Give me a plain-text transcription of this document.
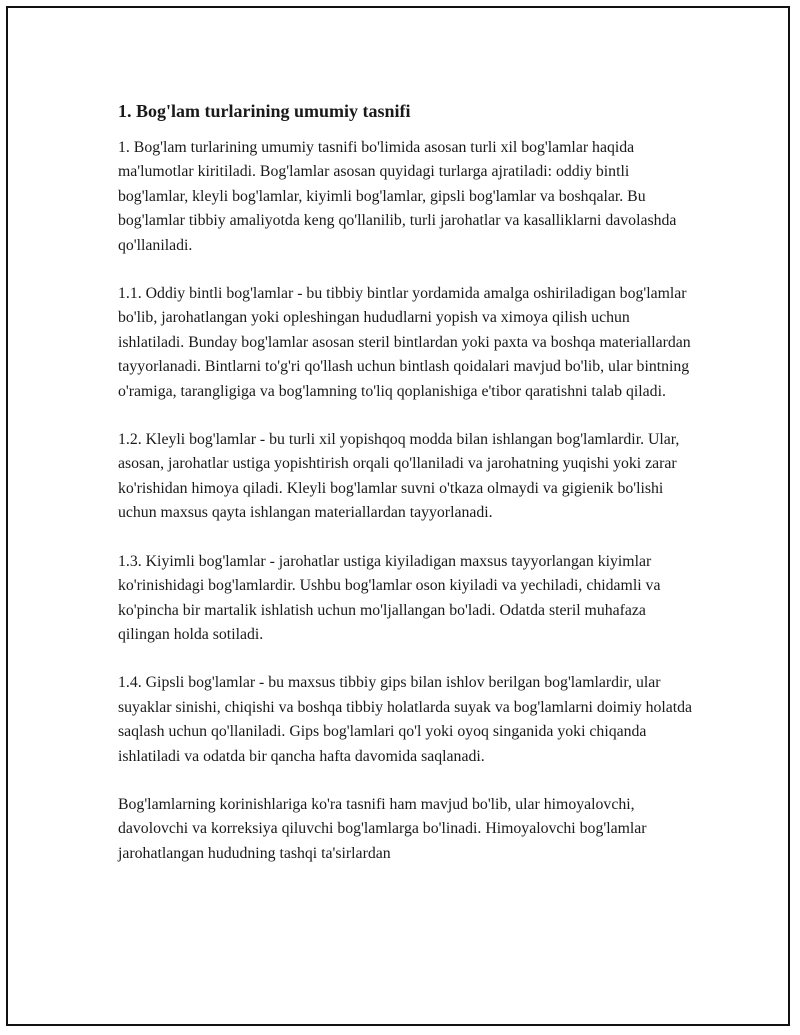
1. Bog'lam turlarining umumiy tasnifi

1. Bog'lam turlarining umumiy tasnifi bo'limida asosan turli xil bog'lamlar haqida ma'lumotlar kiritiladi. Bog'lamlar asosan quyidagi turlarga ajratiladi: oddiy bintli bog'lamlar, kleyli bog'lamlar, kiyimli bog'lamlar, gipsli bog'lamlar va boshqalar. Bu bog'lamlar tibbiy amaliyotda keng qo'llanilib, turli jarohatlar va kasalliklarni davolashda qo'llaniladi.

1.1. Oddiy bintli bog'lamlar - bu tibbiy bintlar yordamida amalga oshiriladigan bog'lamlar bo'lib, jarohatlangan yoki opleshingan hududlarni yopish va ximoya qilish uchun ishlatiladi. Bunday bog'lamlar asosan steril bintlardan yoki paxta va boshqa materiallardan tayyorlanadi. Bintlarni to'g'ri qo'llash uchun bintlash qoidalari mavjud bo'lib, ular bintning o'ramiga, tarangligiga va bog'lamning to'liq qoplanishiga e'tibor qaratishni talab qiladi.

1.2. Kleyli bog'lamlar - bu turli xil yopishqoq modda bilan ishlangan bog'lamlardir. Ular, asosan, jarohatlar ustiga yopishtirish orqali qo'llaniladi va jarohatning yuqishi yoki zarar ko'rishidan himoya qiladi. Kleyli bog'lamlar suvni o'tkaza olmaydi va gigienik bo'lishi uchun maxsus qayta ishlangan materiallardan tayyorlanadi.

1.3. Kiyimli bog'lamlar - jarohatlar ustiga kiyiladigan maxsus tayyorlangan kiyimlar ko'rinishidagi bog'lamlardir. Ushbu bog'lamlar oson kiyiladi va yechiladi, chidamli va ko'pincha bir martalik ishlatish uchun mo'ljallangan bo'ladi. Odatda steril muhafaza qilingan holda sotiladi.

1.4. Gipsli bog'lamlar - bu maxsus tibbiy gips bilan ishlov berilgan bog'lamlardir, ular suyaklar sinishi, chiqishi va boshqa tibbiy holatlarda suyak va bog'lamlarni doimiy holatda saqlash uchun qo'llaniladi. Gips bog'lamlari qo'l yoki oyoq singanida yoki chiqanda ishlatiladi va odatda bir qancha hafta davomida saqlanadi.

Bog'lamlarning korinishlariga ko'ra tasnifi ham mavjud bo'lib, ular himoyalovchi, davolovchi va korreksiya qiluvchi bog'lamlarga bo'linadi. Himoyalovchi bog'lamlar jarohatlangan hududning tashqi ta'sirlardan
